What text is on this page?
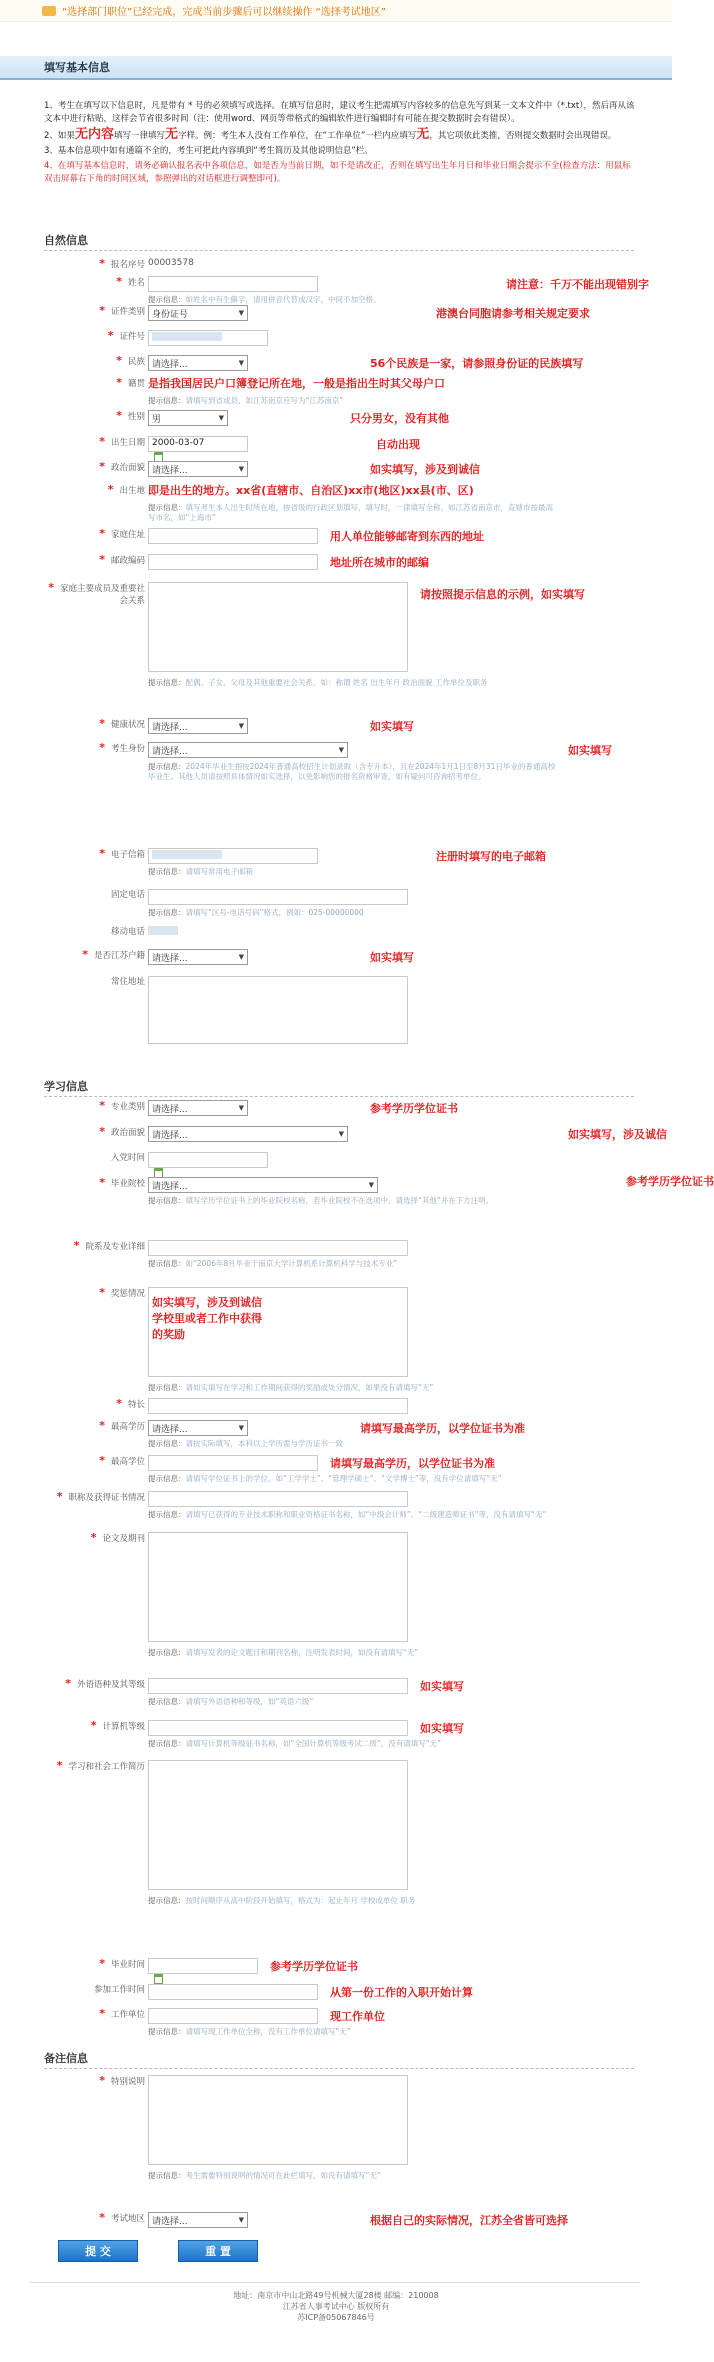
“选择部门职位”已经完成，完成当前步骤后可以继续操作 “选择考试地区”
填写基本信息

1、考生在填写以下信息时，凡是带有 * 号的必须填写或选择。在填写信息时，建议考生把需填写内容较多的信息先写到某一文本文件中（*.txt），然后再从该文本中进行粘贴，这样会节省很多时间（注：使用word、网页等带格式的编辑软件进行编辑时有可能在提交数据时会有错误）。

2、如果无内容填写一律填写无字样。例：考生本人没有工作单位，在“工作单位”一栏内应填写无，其它项依此类推，否则提交数据时会出现错误。

3、基本信息项中如有通篇不全的，考生可把此内容填到“考生简历及其他说明信息”栏。

4、在填写基本信息时，请务必确认报名表中各项信息，如是否为当前日期，如不是请改正，否则在填写出生年月日和毕业日期会提示不全(检查方法：用鼠标双击屏幕右下角的时间区域，参照弹出的对话框进行调整即可)。

自然信息
* 报名序号 00003578
* 姓名	请注意：千万不能出现错别字
提示信息：如姓名中有生僻字，请用拼音代替或汉字，中间不加空格。
* 证件类别 身份证号	▼	港澳台同胞请参考相关规定要求
* 证件号
* 民族 请选择...	▼	56个民族是一家，请参照身份证的民族填写
* 籍贯 是指我国居民户口簿登记所在地，一般是指出生时其父母户口
提示信息：请填写到省或县，如江苏南京应写为“江苏南京”
* 性别 男	▼	只分男女，没有其他
* 出生日期 2000-03-07	自动出现
* 政治面貌 请选择...	▼	如实填写，涉及到诚信
* 出生地 即是出生的地方。xx省(直辖市、自治区)xx市(地区)xx县(市、区)
提示信息：填写考生本人出生时所在地，按省级的行政区划填写，填写时，一律填写全称，如江苏省南京市，直辖市按最高写市名，如“上海市”
* 家庭住址	用人单位能够邮寄到东西的地址
* 邮政编码	地址所在城市的邮编
* 家庭主要成员及重要社会关系	请按照提示信息的示例，如实填写
提示信息：配偶、子女、父母及其他重要社会关系，如：称谓 姓名 出生年月 政治面貌 工作单位及职务
* 健康状况 请选择...	▼	如实填写
* 考生身份 请选择...	▼	如实填写
提示信息：2024年毕业生指按2024年普通高校招生计划录取（含专升本），且在2024年1月1日至8月31日毕业的普通高校毕业生。其他人员请按照具体情况如实选择，以免影响您的报名资格审查，如有疑问可咨询招考单位。
* 电子信箱	注册时填写的电子邮箱
提示信息：请填写常用电子邮箱
固定电话
提示信息：请填写“区号-电话号码”格式，例如：025-00000000
移动电话
* 是否江苏户籍 请选择...	▼	如实填写
常住地址
学习信息
* 专业类别 请选择...	▼	参考学历学位证书
* 政治面貌 请选择...	▼	如实填写，涉及诚信
入党时间
* 毕业院校 请选择...	▼	参考学历学位证书
提示信息：填写学历学位证书上的毕业院校名称，若毕业院校不在选项中，请选择“其他”并在下方注明。
* 院系及专业详细
提示信息：如“2006年8月毕业于南京大学计算机系计算机科学与技术专业”
* 奖惩情况
如实填写，涉及到诚信
学校里或者工作中获得
的奖励
提示信息：请如实填写在学习和工作期间获得的奖励或处分情况，如果没有请填写“无”
* 特长
* 最高学历 请选择...	▼	请填写最高学历，以学位证书为准
提示信息：请按实际填写，本科以上学历需与学历证书一致
* 最高学位	请填写最高学历，以学位证书为准
提示信息：请填写学位证书上的学位，如“工学学士”、“管理学硕士”、“文学博士”等，没有学位请填写“无”
* 职称及获得证书情况
提示信息：请填写已获得的专业技术职称和职业资格证书名称，如“中级会计师”、“二级建造师证书”等，没有请填写“无”
* 论文及期刊
提示信息：请填写发表的论文题目和期刊名称，注明发表时间，如没有请填写“无”
* 外语语种及其等级	如实填写
提示信息：请填写外语语种和等级，如“英语六级”
* 计算机等级	如实填写
提示信息：请填写计算机等级证书名称，如“全国计算机等级考试二级”，没有请填写“无”
* 学习和社会工作简历
提示信息：按时间顺序从高中阶段开始填写，格式为：起止年月 学校或单位 职务
* 毕业时间	参考学历学位证书
参加工作时间	从第一份工作的入职开始计算
* 工作单位	现工作单位
提示信息：请填写现工作单位全称，没有工作单位请填写“无”
备注信息
* 特别说明
提示信息：考生需要特别说明的情况可在此栏填写，如没有请填写“无”
* 考试地区 请选择...	▼	根据自己的实际情况，江苏全省皆可选择
提 交	重 置
地址：南京市中山北路49号机械大厦28楼 邮编：210008
江苏省人事考试中心 版权所有
苏ICP备05067846号
